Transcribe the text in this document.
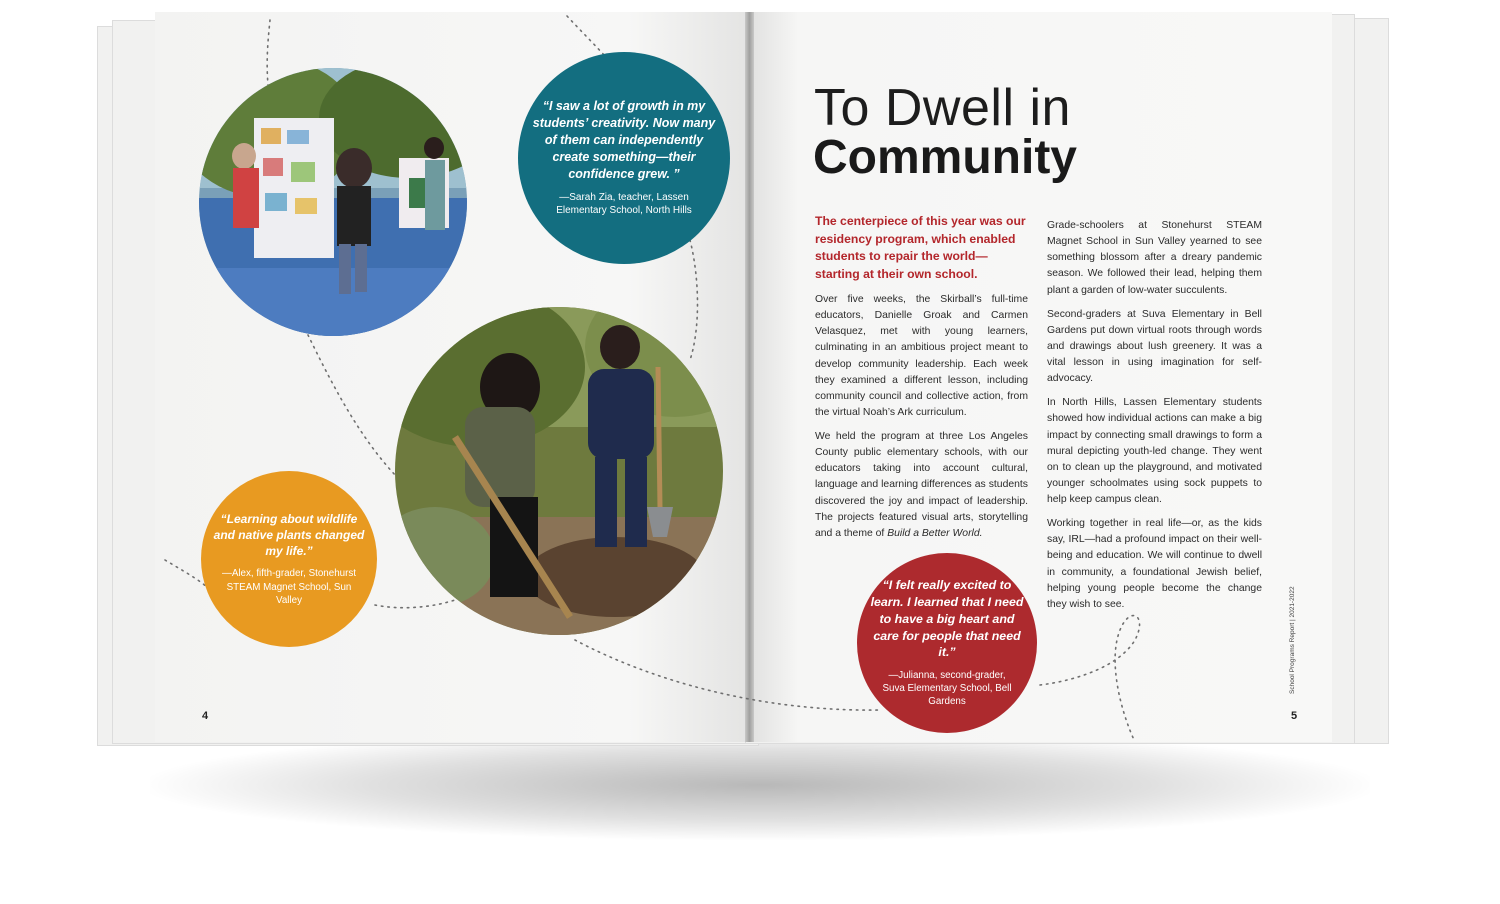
“I saw a lot of growth in my students’ creativity. Now many of them can independently create something—their confidence grew. ”
—Sarah Zia, teacher, Lassen Elementary School, North Hills
“Learning about wildlife and native plants changed my life.”
—Alex, fifth-grader, Stonehurst STEAM Magnet School, Sun Valley
“I felt really excited to learn. I learned that I need to have a big heart and care for people that need it.”
—Julianna, second-grader, Suva Elementary School, Bell Gardens
To Dwell in
Community
The centerpiece of this year was our residency program, which enabled students to repair the world—starting at their own school.

Over five weeks, the Skirball’s full-time educators, Danielle Groak and Carmen Velasquez, met with young learners, culminating in an ambitious project meant to develop community leadership. Each week they examined a different lesson, including community council and collective action, from the virtual Noah’s Ark curriculum.

We held the program at three Los Angeles County public elementary schools, with our educators taking into account cultural, language and learning differences as students discovered the joy and impact of leadership. The projects featured visual arts, storytelling and a theme of Build a Better World.

Grade-schoolers at Stonehurst STEAM Magnet School in Sun Valley yearned to see something blossom after a dreary pandemic season. We followed their lead, helping them plant a garden of low-water succulents.

Second-graders at Suva Elementary in Bell Gardens put down virtual roots through words and drawings about lush greenery. It was a vital lesson in using imagination for self-advocacy.

In North Hills, Lassen Elementary students showed how individual actions can make a big impact by connecting small drawings to form a mural depicting youth-led change. They went on to clean up the playground, and motivated younger schoolmates using sock puppets to help keep campus clean.

Working together in real life—or, as the kids say, IRL—had a profound impact on their well-being and education. We will continue to dwell in community, a foundational Jewish belief, helping young people become the change they wish to see.	School Programs Report | 2021-2022
4	5
